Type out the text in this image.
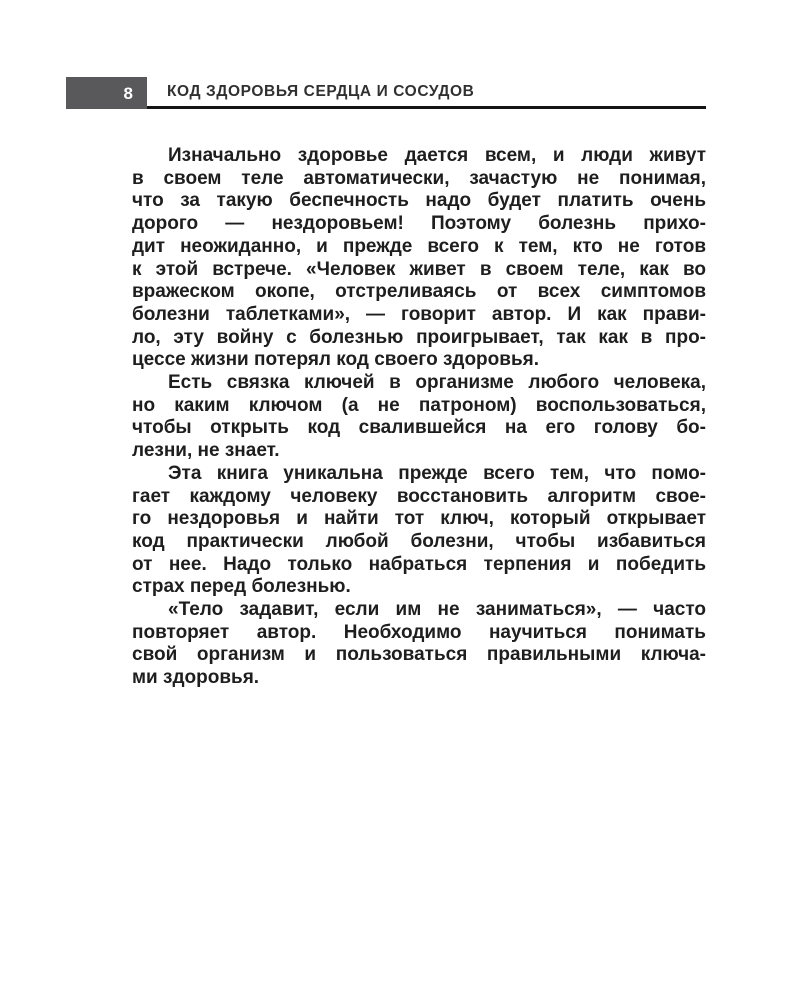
8 КОД ЗДОРОВЬЯ СЕРДЦА И СОСУДОВ
Изначально здоровье дается всем, и люди живут
в своем теле автоматически, зачастую не понимая,
что за такую беспечность надо будет платить очень
дорого — нездоровьем! Поэтому болезнь прихо-
дит неожиданно, и прежде всего к тем, кто не готов
к этой встрече. «Человек живет в своем теле, как во
вражеском окопе, отстреливаясь от всех симптомов
болезни таблетками», — говорит автор. И как прави-
ло, эту войну с болезнью проигрывает, так как в про-
цессе жизни потерял код своего здоровья.
Есть связка ключей в организме любого человека,
но каким ключом (а не патроном) воспользоваться,
чтобы открыть код свалившейся на его голову бо-
лезни, не знает.
Эта книга уникальна прежде всего тем, что помо-
гает каждому человеку восстановить алгоритм свое-
го нездоровья и найти тот ключ, который открывает
код практически любой болезни, чтобы избавиться
от нее. Надо только набраться терпения и победить
страх перед болезнью.
«Тело задавит, если им не заниматься», — часто
повторяет автор. Необходимо научиться понимать
свой организм и пользоваться правильными ключа-
ми здоровья.
